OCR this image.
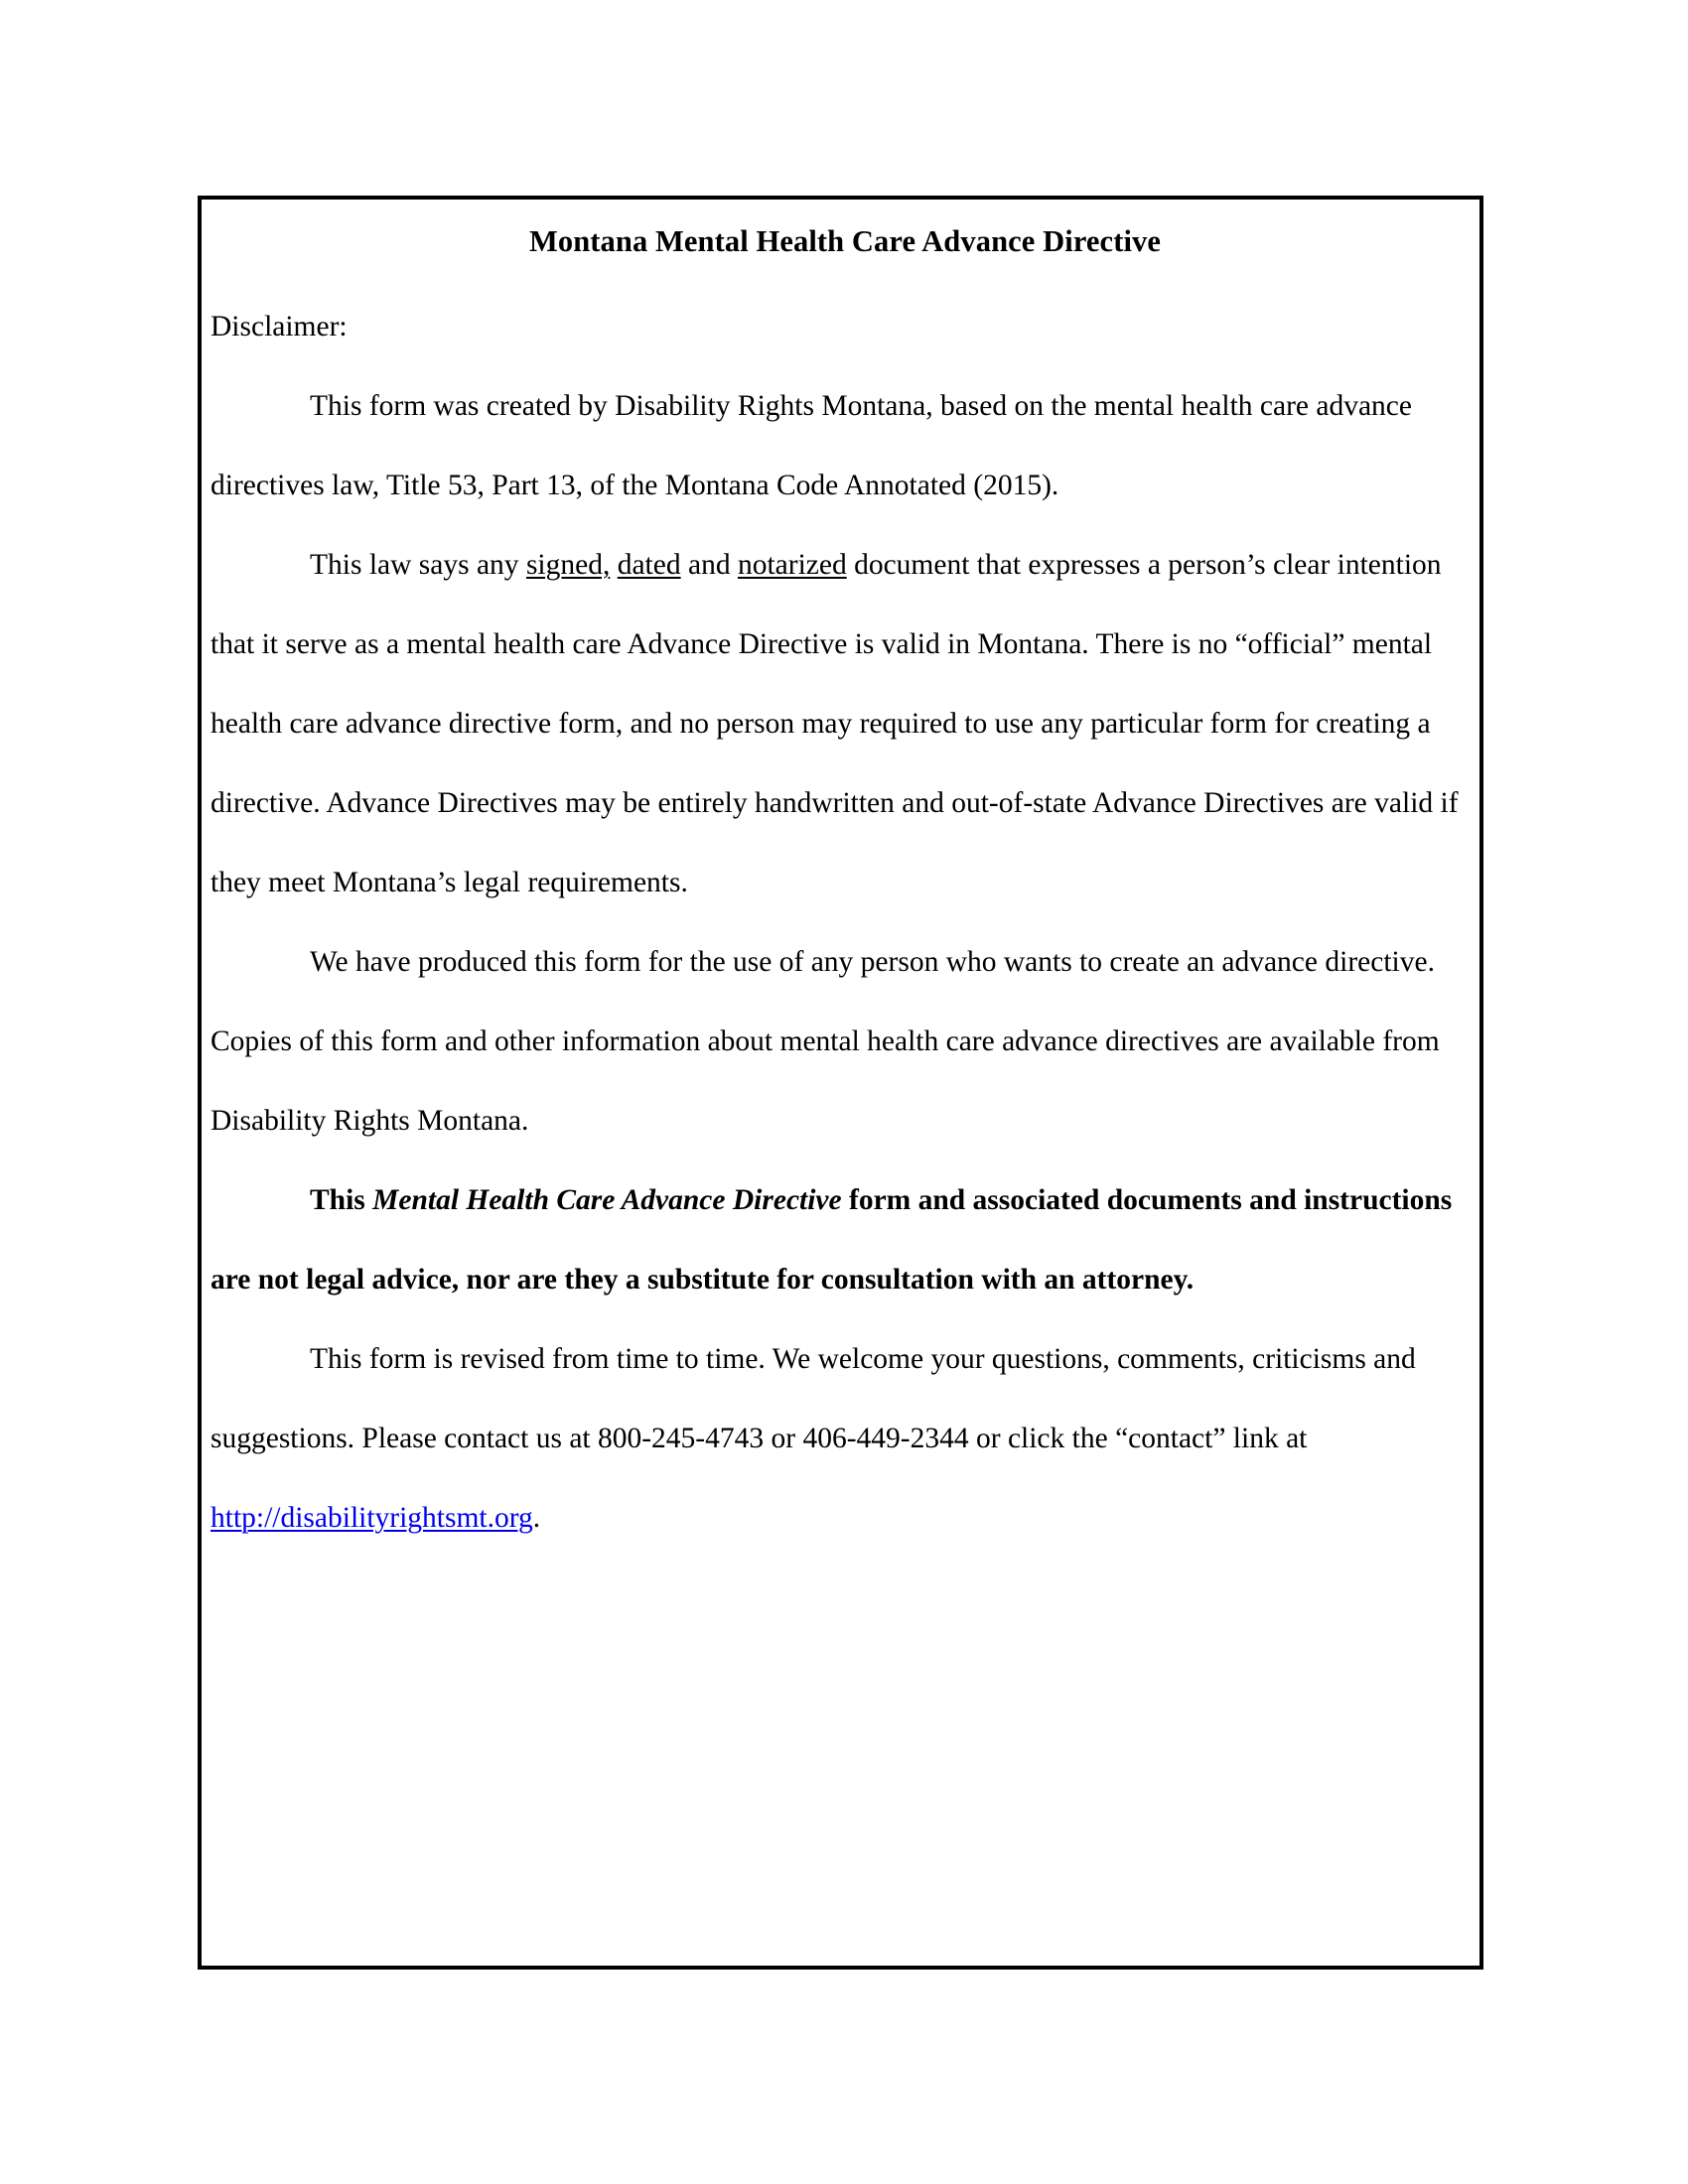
Montana Mental Health Care Advance Directive

Disclaimer:

This form was created by Disability Rights Montana, based on the mental health care advance directives law, Title 53, Part 13, of the Montana Code Annotated (2015).

This law says any signed, dated and notarized document that expresses a person’s clear intention that it serve as a mental health care Advance Directive is valid in Montana. There is no “official” mental health care advance directive form, and no person may required to use any particular form for creating a directive. Advance Directives may be entirely handwritten and out-of-state Advance Directives are valid if they meet Montana’s legal requirements.

We have produced this form for the use of any person who wants to create an advance directive. Copies of this form and other information about mental health care advance directives are available from Disability Rights Montana.

This Mental Health Care Advance Directive form and associated documents and instructions are not legal advice, nor are they a substitute for consultation with an attorney.

This form is revised from time to time. We welcome your questions, comments, criticisms and suggestions. Please contact us at 800-245-4743 or 406-449-2344 or click the “contact” link at http://disabilityrightsmt.org.
